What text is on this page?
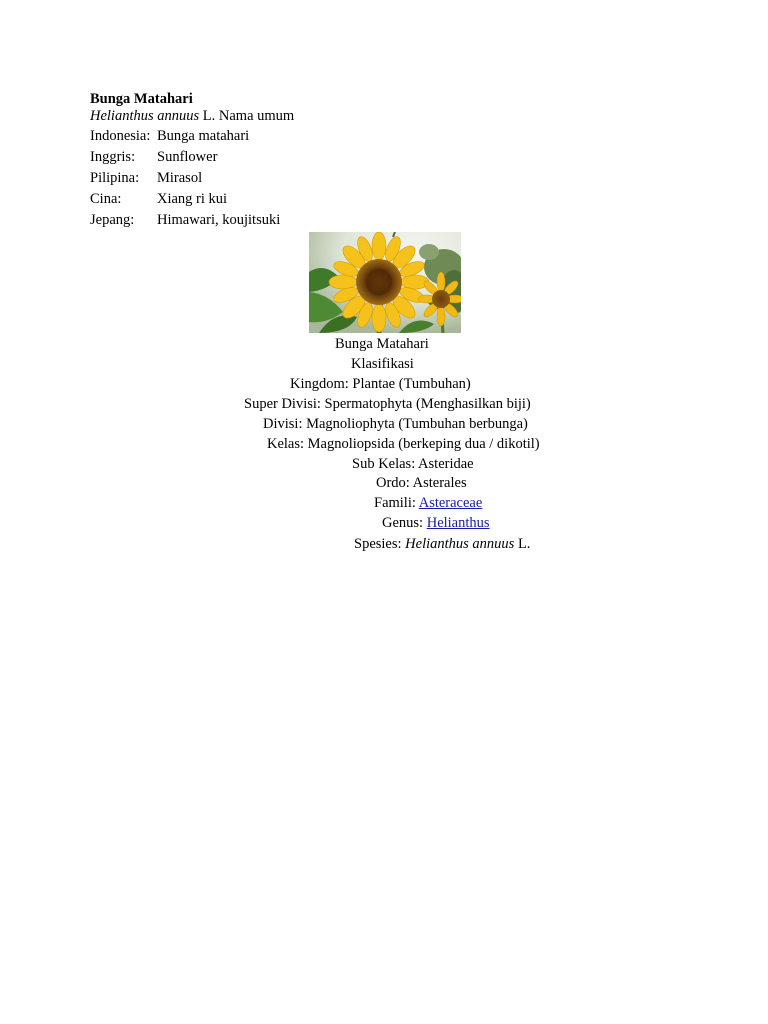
Bunga Matahari
Helianthus annuus L. Nama umum
Indonesia: Bunga matahari
Inggris: Sunflower
Pilipina: Mirasol
Cina: Xiang ri kui
Jepang: Himawari, koujitsuki
Bunga Matahari
Klasifikasi
Kingdom: Plantae (Tumbuhan)
Super Divisi: Spermatophyta (Menghasilkan biji)
Divisi: Magnoliophyta (Tumbuhan berbunga)
Kelas: Magnoliopsida (berkeping dua / dikotil)
Sub Kelas: Asteridae
Ordo: Asterales
Famili: Asteraceae
Genus: Helianthus
Spesies: Helianthus annuus L.
